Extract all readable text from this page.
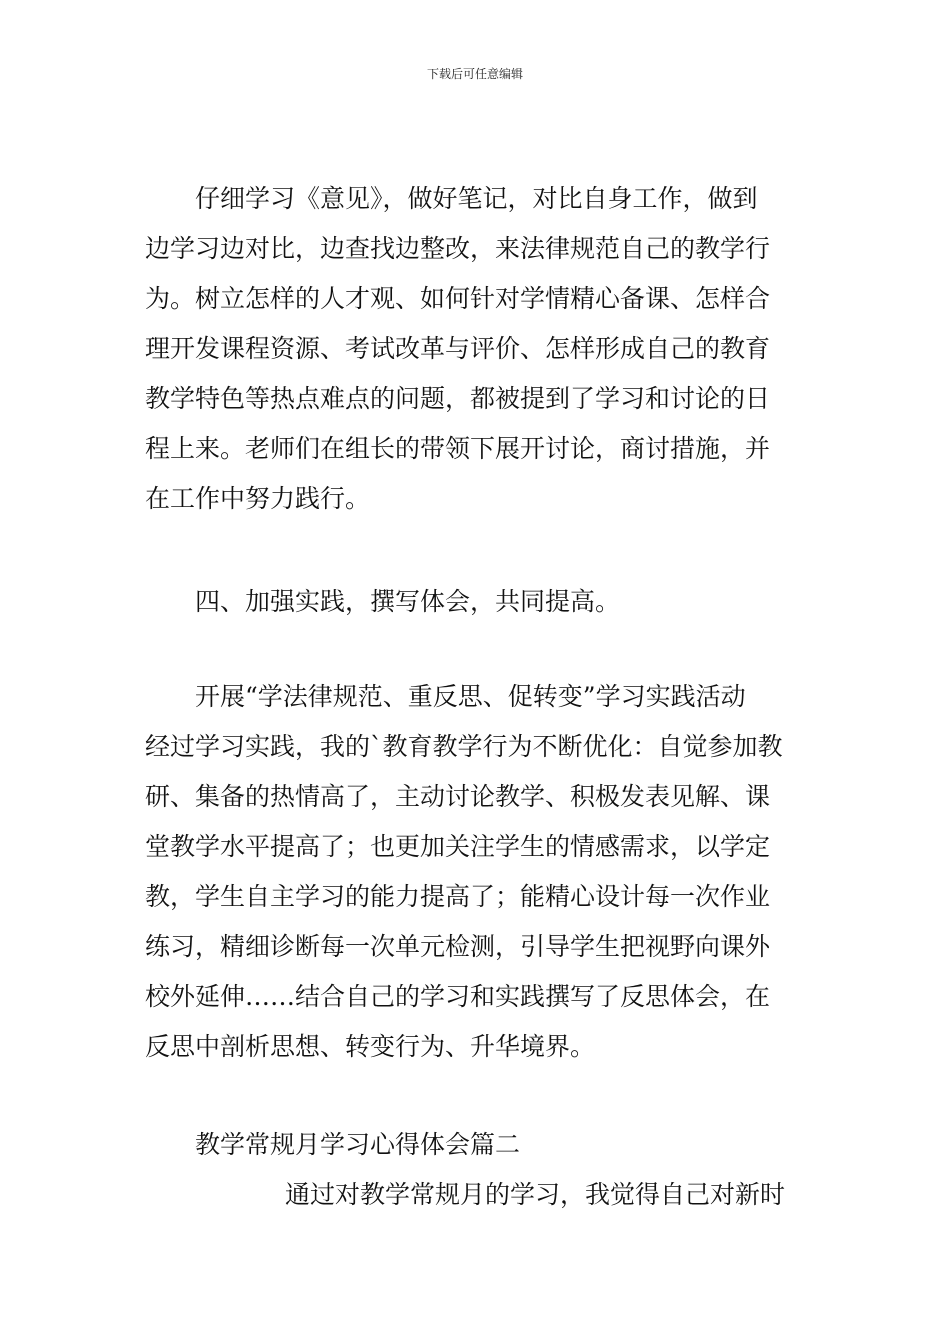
下载后可任意编辑
仔细学习《意见》，做好笔记，对比自身工作，做到
边学习边对比，边查找边整改，来法律规范自己的教学行
为。树立怎样的人才观、如何针对学情精心备课、怎样合
理开发课程资源、考试改革与评价、怎样形成自己的教育
教学特色等热点难点的问题，都被提到了学习和讨论的日
程上来。老师们在组长的带领下展开讨论，商讨措施，并
在工作中努力践行。
四、加强实践，撰写体会，共同提高。
开展“学法律规范、重反思、促转变”学习实践活动
经过学习实践，我的`教育教学行为不断优化：自觉参加教
研、集备的热情高了，主动讨论教学、积极发表见解、课
堂教学水平提高了；也更加关注学生的情感需求，以学定
教，学生自主学习的能力提高了；能精心设计每一次作业
练习，精细诊断每一次单元检测，引导学生把视野向课外
校外延伸……结合自己的学习和实践撰写了反思体会，在
反思中剖析思想、转变行为、升华境界。
教学常规月学习心得体会篇二
通过对教学常规月的学习，我觉得自己对新时
